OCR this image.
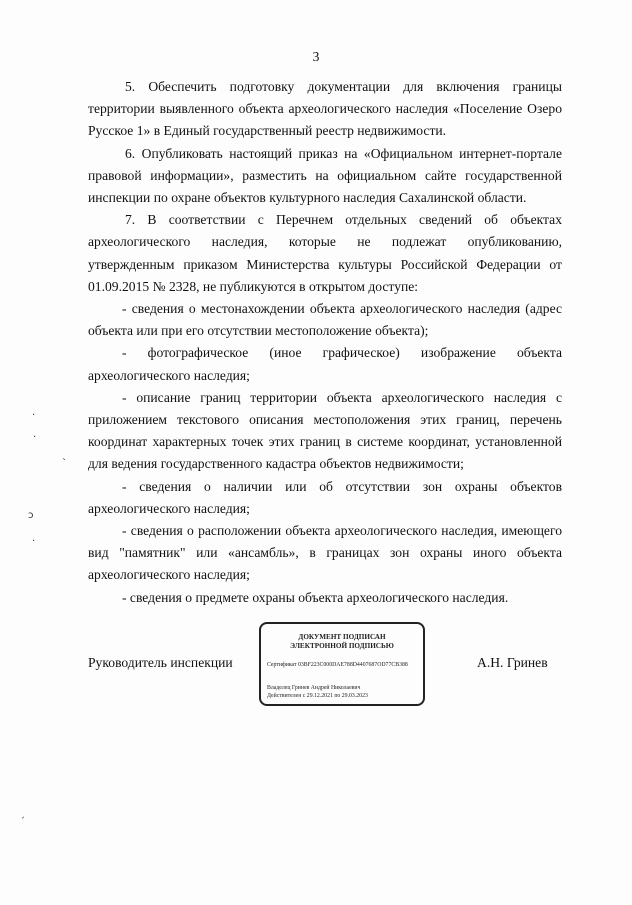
3

5. Обеспечить подготовку документации для включения границы территории выявленного объекта археологического наследия «Поселение Озеро Русское 1» в Единый государственный реестр недвижимости.

6. Опубликовать настоящий приказ на «Официальном интернет-портале правовой информации», разместить на официальном сайте государственной инспекции по охране объектов культурного наследия Сахалинской области.

7. В соответствии с Перечнем отдельных сведений об объектах археологического наследия, которые не подлежат опубликованию, утвержденным приказом Министерства культуры Российской Федерации от 01.09.2015 № 2328, не публикуются в открытом доступе:

- сведения о местонахождении объекта археологического наследия (адрес объекта или при его отсутствии местоположение объекта);

- фотографическое (иное графическое) изображение объекта археологического наследия;

- описание границ территории объекта археологического наследия с приложением текстового описания местоположения этих границ, перечень координат характерных точек этих границ в системе координат, установленной для ведения государственного кадастра объектов недвижимости;

- сведения о наличии или об отсутствии зон охраны объектов археологического наследия;

- сведения о расположении объекта археологического наследия, имеющего вид "памятник" или «ансамбль», в границах зон охраны иного объекта археологического наследия;

- сведения о предмете охраны объекта археологического наследия.

Руководитель инспекции	А.Н. Гринев
ДОКУМЕНТ ПОДПИСАН
ЭЛЕКТРОННОЙ ПОДПИСЬЮ
Сертификат 03BF223C000DAE788D4407687OD77CB388
Владелец Гринев Андрей Николаевич
Действителен с 29.12.2021 по 29.03.2023
·
·
`
ɔ
·
ˏ
